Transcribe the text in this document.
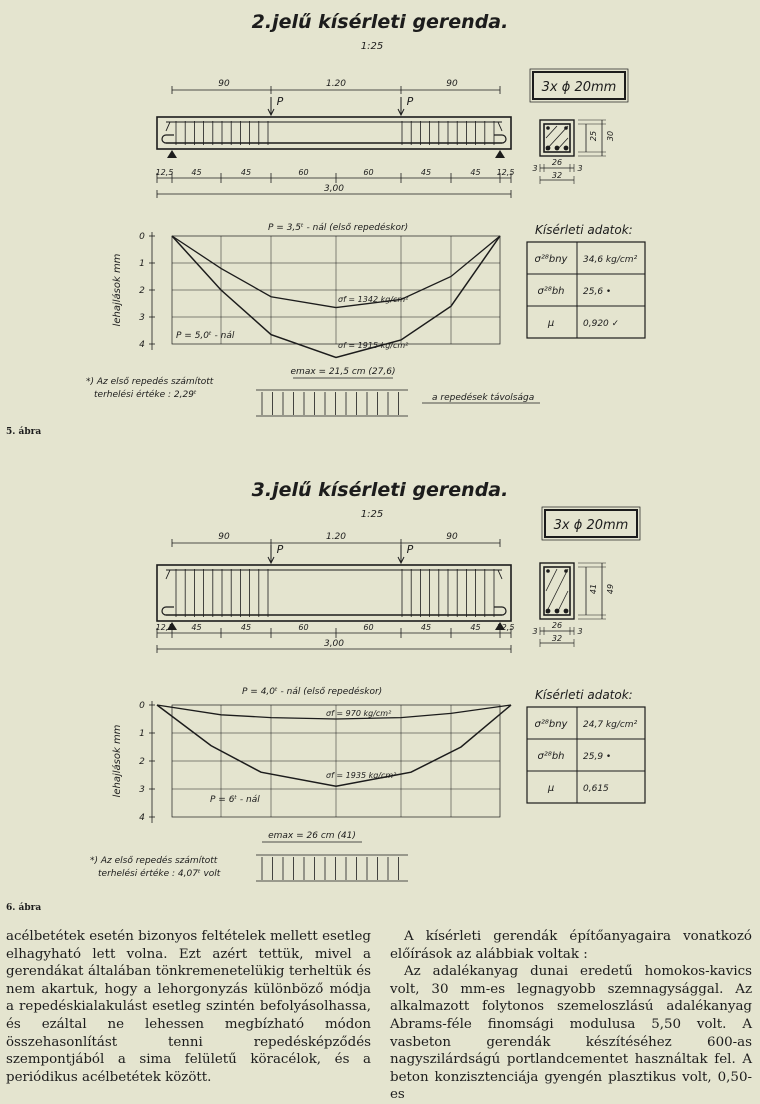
2.jelű kísérleti gerenda.
1:25
3x ϕ 20mm
90	1.20	90
P	P
12,5 45	45	60	60	45	45 12,5
3,00
25 30
3
26
3
32
0
1
2
3
4
lehajlások mm
P = 3,5ᵗ - nál (első repedéskor)
P = 5,0ᵗ - nál
σf = 1342 kg/cm²
σf = 1915 kg/cm²
Kísérleti adatok:
σ²⁸bny 34,6 kg/cm²
σ²⁸bh 25,6 •
μ	0,920 ✓
emax = 21,5 cm (27,6)
a repedések távolsága
*) Az első repedés számított
terhelési értéke : 2,29ᵗ
3.jelű kísérleti gerenda.
1:25
3x ϕ 20mm
90	1.20	90
P	P
12,5 45	45	60	60	45	45 12,5
3,00
41 49
3
26
3
32
0
1
2
3
4
lehajlások mm
P = 4,0ᵗ - nál (első repedéskor)
P = 6ᵗ - nál
σf = 970 kg/cm²
σf = 1935 kg/cm²
Kísérleti adatok:
σ²⁸bny 24,7 kg/cm²
σ²⁸bh 25,9 •
μ	0,615
emax = 26 cm (41)
*) Az első repedés számított
terhelési értéke : 4,07ᵗ volt
5. ábra
6. ábra

acélbetétek esetén bizonyos feltételek mellett esetleg elhagyható lett volna. Ezt azért tettük, mivel a gerendákat általában tönkremenetelükig terheltük és nem akartuk, hogy a lehorgonyzás különböző módja a repedéskialakulást esetleg szintén befolyásolhassa, és ezáltal ne lehessen megbízható módon összehasonlítást tenni repedésképződés szempontjából a sima felületű köracélok, és a periódikus acélbetétek között.

A kísérleti gerendák építőanyagaira vonatkozó előírások az alábbiak voltak :

Az adalékanyag dunai eredetű homokos-kavics volt, 30 mm-es legnagyobb szemnagysággal. Az alkalmazott folytonos szemeloszlású adalékanyag Abrams-féle finomsági modulusa 5,50 volt. A vasbeton gerendák készítéséhez 600-as nagyszilárdságú portlandcementet használtak fel. A beton konzisztenciája gyengén plasztikus volt, 0,50-es
